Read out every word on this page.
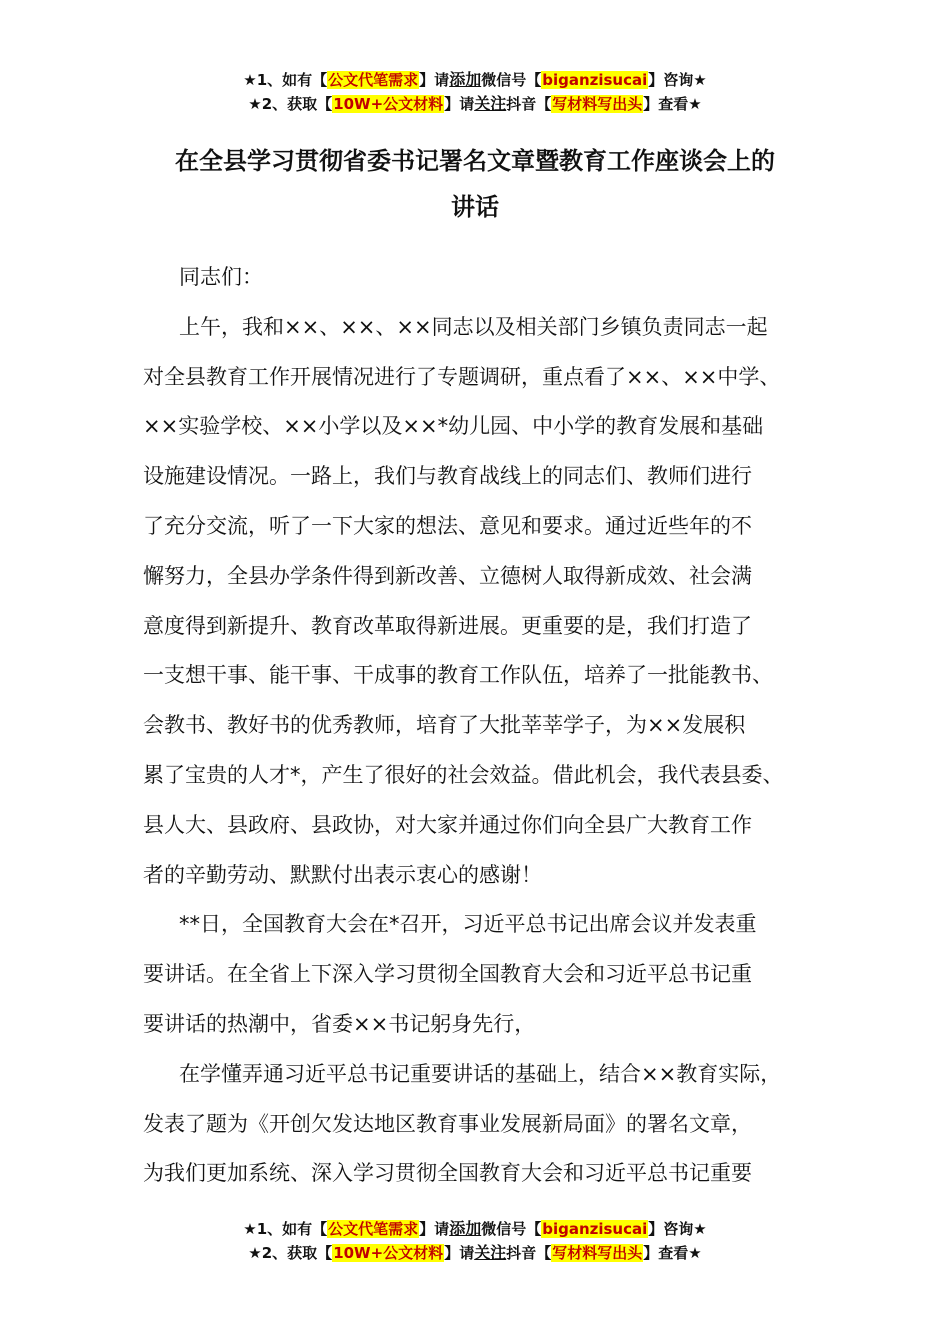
★1、如有【公文代笔需求】请添加微信号【biganzisucai】咨询★
★2、获取【10W+公文材料】请关注抖音【写材料写出头】查看★
在全县学习贯彻省委书记署名文章暨教育工作座谈会上的
讲话
同志们：
上午，我和××、××、××同志以及相关部门乡镇负责同志一起
对全县教育工作开展情况进行了专题调研，重点看了××、××中学、
××实验学校、××小学以及××*幼儿园、中小学的教育发展和基础
设施建设情况。一路上，我们与教育战线上的同志们、教师们进行
了充分交流，听了一下大家的想法、意见和要求。通过近些年的不
懈努力，全县办学条件得到新改善、立德树人取得新成效、社会满
意度得到新提升、教育改革取得新进展。更重要的是，我们打造了
一支想干事、能干事、干成事的教育工作队伍，培养了一批能教书、
会教书、教好书的优秀教师，培育了大批莘莘学子，为××发展积
累了宝贵的人才*，产生了很好的社会效益。借此机会，我代表县委、
县人大、县政府、县政协，对大家并通过你们向全县广大教育工作
者的辛勤劳动、默默付出表示衷心的感谢！
**日，全国教育大会在*召开，习近平总书记出席会议并发表重
要讲话。在全省上下深入学习贯彻全国教育大会和习近平总书记重
要讲话的热潮中，省委××书记躬身先行，
在学懂弄通习近平总书记重要讲话的基础上，结合××教育实际，
发表了题为《开创欠发达地区教育事业发展新局面》的署名文章，
为我们更加系统、深入学习贯彻全国教育大会和习近平总书记重要
★1、如有【公文代笔需求】请添加微信号【biganzisucai】咨询★
★2、获取【10W+公文材料】请关注抖音【写材料写出头】查看★
